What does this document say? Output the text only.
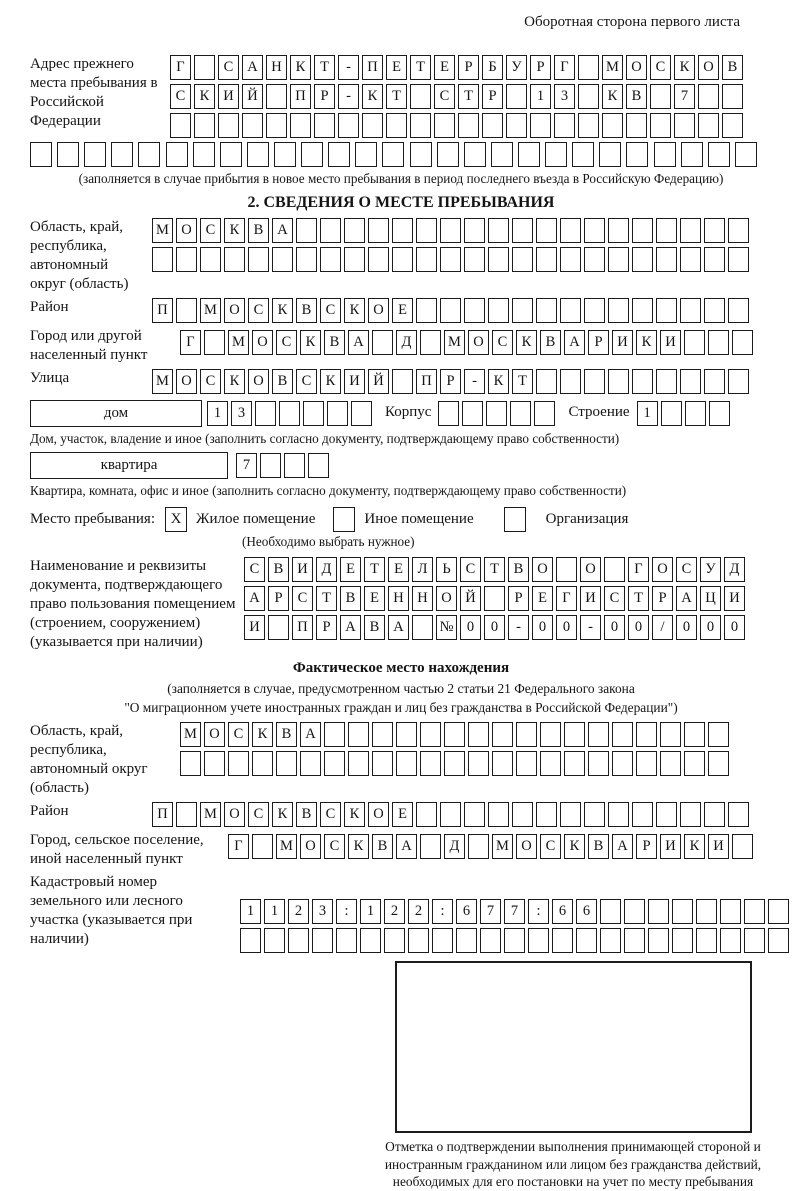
Оборотная сторона первого листа
Адрес прежнего места пребывания в Российской Федерации
Г	С А Н К	Т	-	П Е	Т	Е	Р	Б	У	Р	Г	М О С К О В
С К И Й	П	Р	-	К	Т	С	Т	Р	1	3	К В	7
(заполняется в случае прибытия в новое место пребывания в период последнего въезда в Российскую Федерацию)
2. СВЕДЕНИЯ О МЕСТЕ ПРЕБЫВАНИЯ
Область, край, республика, автономный округ (область)
М О С К В А
Район	П	М О С К В С К О Е
Город или другой населенный пункт
Г	М О С К В А	Д	М О С К В А	Р	И К И
Улица	М О С К О В С К И Й	П	Р	-	К	Т
дом	1	3	Корпус	Строение 1
Дом, участок, владение и иное (заполнить согласно документу, подтверждающему право собственности)
квартира	7
Квартира, комната, офис и иное (заполнить согласно документу, подтверждающему право собственности)
Место пребывания:	X Жилое помещение	Иное помещение	Организация
(Необходимо выбрать нужное)
Наименование и реквизиты документа, подтверждающего право пользования помещением (строением, сооружением) (указывается при наличии)
С В И Д	Е	Т	Е	Л	Ь	С	Т	В О	О	Г	О С У Д
А	Р	С	Т	В	Е Н Н О Й	Р	Е	Г	И С	Т	Р	А Ц И
И	П	Р	А В А	№ 0	0	-	0	0	-	0	0	/	0	0	0
Фактическое место нахождения
(заполняется в случае, предусмотренном частью 2 статьи 21 Федерального закона
"О миграционном учете иностранных граждан и лиц без гражданства в Российской Федерации")
Область, край, республика, автономный округ (область)
М О С К В А
Район	П	М О С К В С К О Е
Город, сельское поселение, иной населенный пункт
Г	М О С К В А	Д	М О С К В А	Р	И К И
Кадастровый номер земельного или лесного участка (указывается при наличии)
1	1	2	3	:	1	2	2	:	6	7	7	:	6	6
Отметка о подтверждении выполнения принимающей стороной и иностранным гражданином или лицом без гражданства действий, необходимых для его постановки на учет по месту пребывания
